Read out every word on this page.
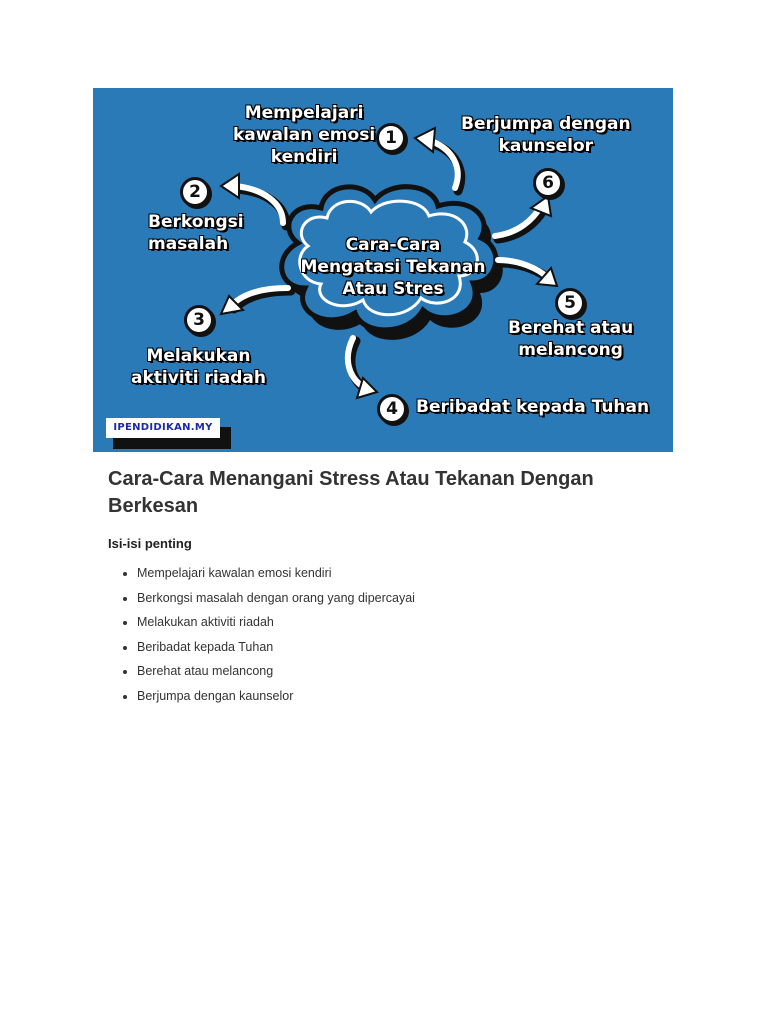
Cara-Cara
Mengatasi Tekanan
Atau Stres
Mempelajari
kawalan emosi
kendiri
1
2
Berkongsi
masalah
3
Melakukan
aktiviti riadah
4	Beribadat kepada Tuhan
5
Berehat atau
melancong
Berjumpa dengan
kaunselor
6
IPENDIDIKAN.MY
Cara-Cara Menangani Stress Atau Tekanan Dengan Berkesan
Isi-isi penting
• Mempelajari kawalan emosi kendiri
• Berkongsi masalah dengan orang yang dipercayai
• Melakukan aktiviti riadah
• Beribadat kepada Tuhan
• Berehat atau melancong
• Berjumpa dengan kaunselor
